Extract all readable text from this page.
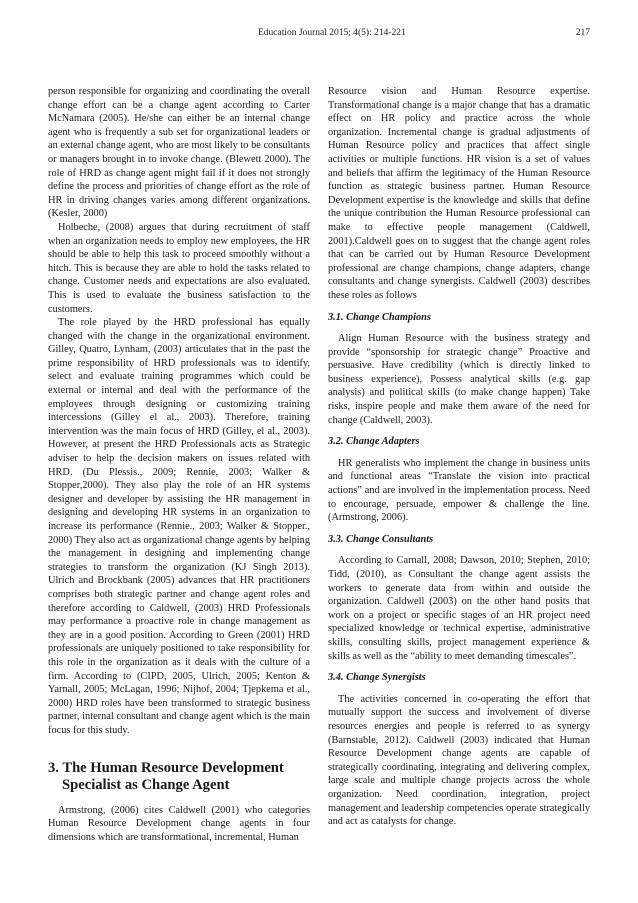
Education Journal 2015; 4(5): 214-221	217

person responsible for organizing and coordinating the overall change effort can be a change agent according to Carter McNamara (2005). He/she can either be an internal change agent who is frequently a sub set for organizational leaders or an external change agent, who are most likely to be consultants or managers brought in to invoke change. (Blewett 2000). The role of HRD as change agent might fail if it does not strongly define the process and priorities of change effort as the role of HR in driving changes varies among different organizations. (Kesler, 2000)

Holbeche, (2008) argues that during recruitment of staff when an organization needs to employ new employees, the HR should be able to help this task to proceed smoothly without a hitch. This is because they are able to hold the tasks related to change. Customer needs and expectations are also evaluated. This is used to evaluate the business satisfaction to the customers.

The role played by the HRD professional has equally changed with the change in the organizational environment. Gilley, Quatro, Lynham, (2003) articulates that in the past the prime responsibility of HRD professionals was to identify, select and evaluate training programmes which could be external or internal and deal with the performance of the employees through designing or customizing training intercessions (Gilley el al., 2003). Therefore, training intervention was the main focus of HRD (Gilley, el al., 2003). However, at present the HRD Professionals acts as Strategic adviser to help the decision makers on issues related with HRD. (Du Plessis., 2009; Rennie, 2003; Walker & Stopper,2000). They also play the role of an HR systems designer and developer by assisting the HR management in designing and developing HR systems in an organization to increase its performance (Rennie., 2003; Walker & Stopper., 2000) They also act as organizational change agents by helping the management in designing and implementing change strategies to transform the organization (KJ Singh 2013). Ulrich and Brockbank (2005) advances that HR practitioners comprises both strategic partner and change agent roles and therefore according to Caldwell, (2003) HRD Professionals may performance a proactive role in change management as they are in a good position. According to Green (2001) HRD professionals are uniquely positioned to take responsibility for this role in the organization as it deals with the culture of a firm. According to (CIPD, 2005, Ulrich, 2005; Kenton & Yarnall, 2005; McLagan, 1996; Nijhof, 2004; Tjepkema et al., 2000) HRD roles have been transformed to strategic business partner, internal consultant and change agent which is the main focus for this study.

3. The Human Resource Development Specialist as Change Agent

Armstrong, (2006) cites Caldwell (2001) who categories Human Resource Development change agents in four dimensions which are transformational, incremental, Human

Resource vision and Human Resource expertise. Transformational change is a major change that has a dramatic effect on HR policy and practice across the whole organization. Incremental change is gradual adjustments of Human Resource policy and practices that affect single activities or multiple functions. HR vision is a set of values and beliefs that affirm the legitimacy of the Human Resource function as strategic business partner. Human Resource Development expertise is the knowledge and skills that define the unique contribution the Human Resource professional can make to effective people management (Caldwell, 2001).Caldwell goes on to suggest that the change agent roles that can be carried out by Human Resource Development professional are change champions, change adapters, change consultants and change synergists. Caldwell (2003) describes these roles as follows

3.1. Change Champions

Align Human Resource with the business strategy and provide “sponsorship for strategic change” Proactive and persuasive. Have credibility (which is directly linked to business experience), Possess analytical skills (e.g. gap analysis) and political skills (to make change happen) Take risks, inspire people and make them aware of the need for change (Caldwell, 2003).

3.2. Change Adapters

HR generalists who implement the change in business units and functional areas “Translate the vision into practical actions” and are involved in the implementation process. Need to encourage, persuade, empower & challenge the line. (Armstrong, 2006).

3.3. Change Consultants

According to Carnall, 2008; Dawson, 2010; Stephen, 2010; Tidd, (2010), as Consultant the change agent assists the workers to generate data from within and outside the organization. Caldwell (2003) on the other hand posits that work on a project or specific stages of an HR project need specialized knowledge or technical expertise, administrative skills, consulting skills, project management experience & skills as well as the “ability to meet demanding timescales”.

3.4. Change Synergists

The activities concerned in co-operating the effort that mutually support the success and involvement of diverse resources energies and people is referred to as synergy (Barnstable, 2012). Caldwell (2003) indicated that Human Resource Development change agents are capable of strategically coordinating, integrating and delivering complex, large scale and multiple change projects across the whole organization. Need coordination, integration, project management and leadership competencies operate strategically and act as catalysts for change.
